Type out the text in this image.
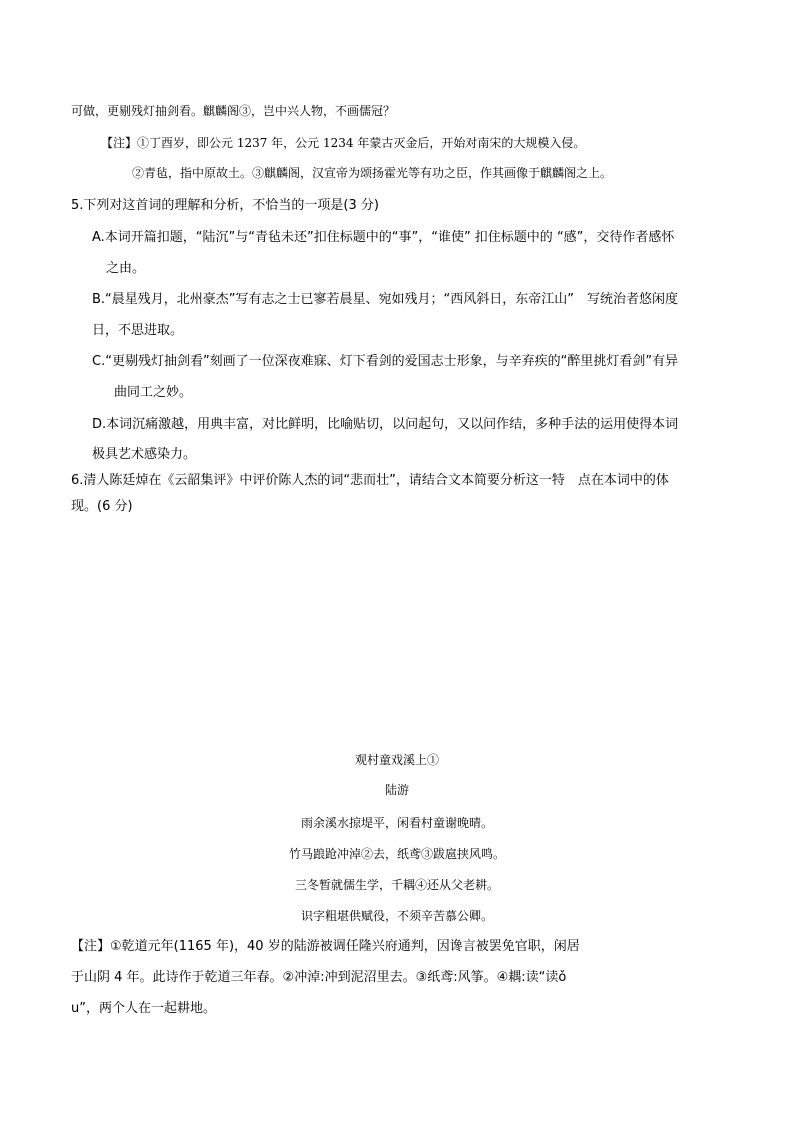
可做，更剔残灯抽剑看。麒麟阁③，岂中兴人物，不画儒冠？
【注】①丁酉岁，即公元 1237 年，公元 1234 年蒙古灭金后，开始对南宋的大规模入侵。
②青毡，指中原故土。③麒麟阁，汉宣帝为颂扬霍光等有功之臣，作其画像于麒麟阁之上。
5.下列对这首词的理解和分析，不恰当的一项是(3 分)
A.本词开篇扣题，“陆沉”与“青毡未还”扣住标题中的“事”，“谁使” 扣住标题中的 “感”，交待作者感怀
之由。
B.“晨星残月，北州豪杰”写有志之士已寥若晨星、宛如残月；“西风斜日，东帝江山”　写统治者悠闲度
日，不思进取。
C.“更剔残灯抽剑看”刻画了一位深夜难寐、灯下看剑的爱国志士形象，与辛弃疾的“醉里挑灯看剑”有异
曲同工之妙。
D.本词沉痛激越，用典丰富，对比鲜明，比喻贴切，以问起句，又以问作结，多种手法的运用使得本词
极具艺术感染力。
6.清人陈廷焯在《云韶集评》中评价陈人杰的词“悲而壮”，请结合文本简要分析这一特　点在本词中的体
现。(6 分)
观村童戏溪上①
陆游
雨余溪水掠堤平，闲看村童谢晚晴。
竹马踉跄冲淖②去，纸鸢③跋扈挟风鸣。
三冬暂就儒生学，千耦④还从父老耕。
识字粗堪供赋役，不须辛苦慕公卿。
【注】①乾道元年(1165 年)，40 岁的陆游被调任隆兴府通判，因谗言被罢免官职，闲居
于山阴 4 年。此诗作于乾道三年春。②冲淖:冲到泥沼里去。③纸鸢:风筝。④耦:读“读ǒ
u”，两个人在一起耕地。
